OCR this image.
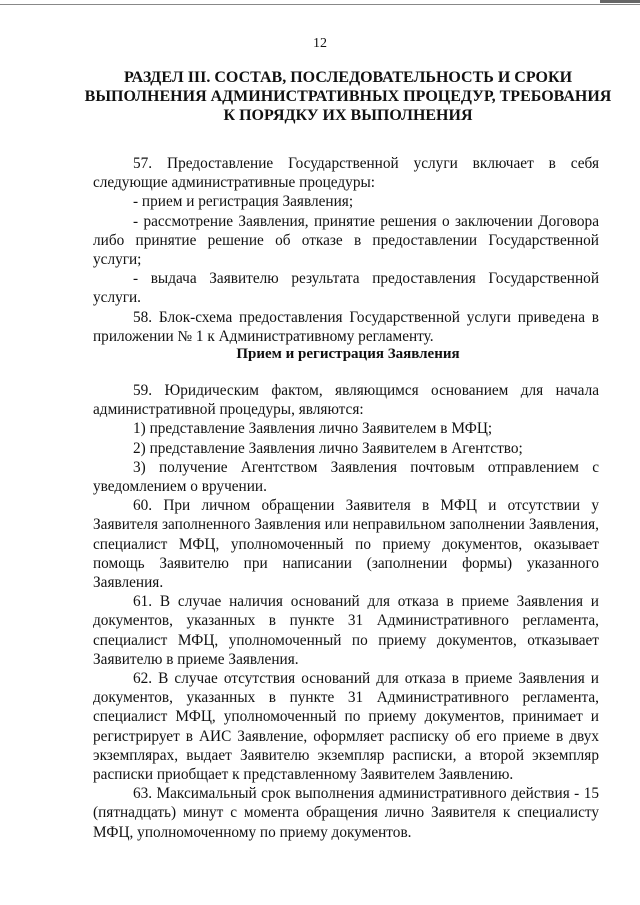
12
РАЗДЕЛ III. СОСТАВ, ПОСЛЕДОВАТЕЛЬНОСТЬ И СРОКИ ВЫПОЛНЕНИЯ АДМИНИСТРАТИВНЫХ ПРОЦЕДУР, ТРЕБОВАНИЯ К ПОРЯДКУ ИХ ВЫПОЛНЕНИЯ

57. Предоставление Государственной услуги включает в себя следующие административные процедуры:

- прием и регистрация Заявления;

- рассмотрение Заявления, принятие решения о заключении Договора либо принятие решение об отказе в предоставлении Государственной услуги;

- выдача Заявителю результата предоставления Государственной услуги.

58. Блок-схема предоставления Государственной услуги приведена в приложении № 1 к Административному регламенту.

Прием и регистрация Заявления

59. Юридическим фактом, являющимся основанием для начала административной процедуры, являются:

1) представление Заявления лично Заявителем в МФЦ;

2) представление Заявления лично Заявителем в Агентство;

3) получение Агентством Заявления почтовым отправлением с уведомлением о вручении.

60. При личном обращении Заявителя в МФЦ и отсутствии у Заявителя заполненного Заявления или неправильном заполнении Заявления, специалист МФЦ, уполномоченный по приему документов, оказывает помощь Заявителю при написании (заполнении формы) указанного Заявления.

61. В случае наличия оснований для отказа в приеме Заявления и документов, указанных в пункте 31 Административного регламента, специалист МФЦ, уполномоченный по приему документов, отказывает Заявителю в приеме Заявления.

62. В случае отсутствия оснований для отказа в приеме Заявления и документов, указанных в пункте 31 Административного регламента, специалист МФЦ, уполномоченный по приему документов, принимает и регистрирует в АИС Заявление, оформляет расписку об его приеме в двух экземплярах, выдает Заявителю экземпляр расписки, а второй экземпляр расписки приобщает к представленному Заявителем Заявлению.

63. Максимальный срок выполнения административного действия - 15 (пятнадцать) минут с момента обращения лично Заявителя к специалисту МФЦ, уполномоченному по приему документов.
